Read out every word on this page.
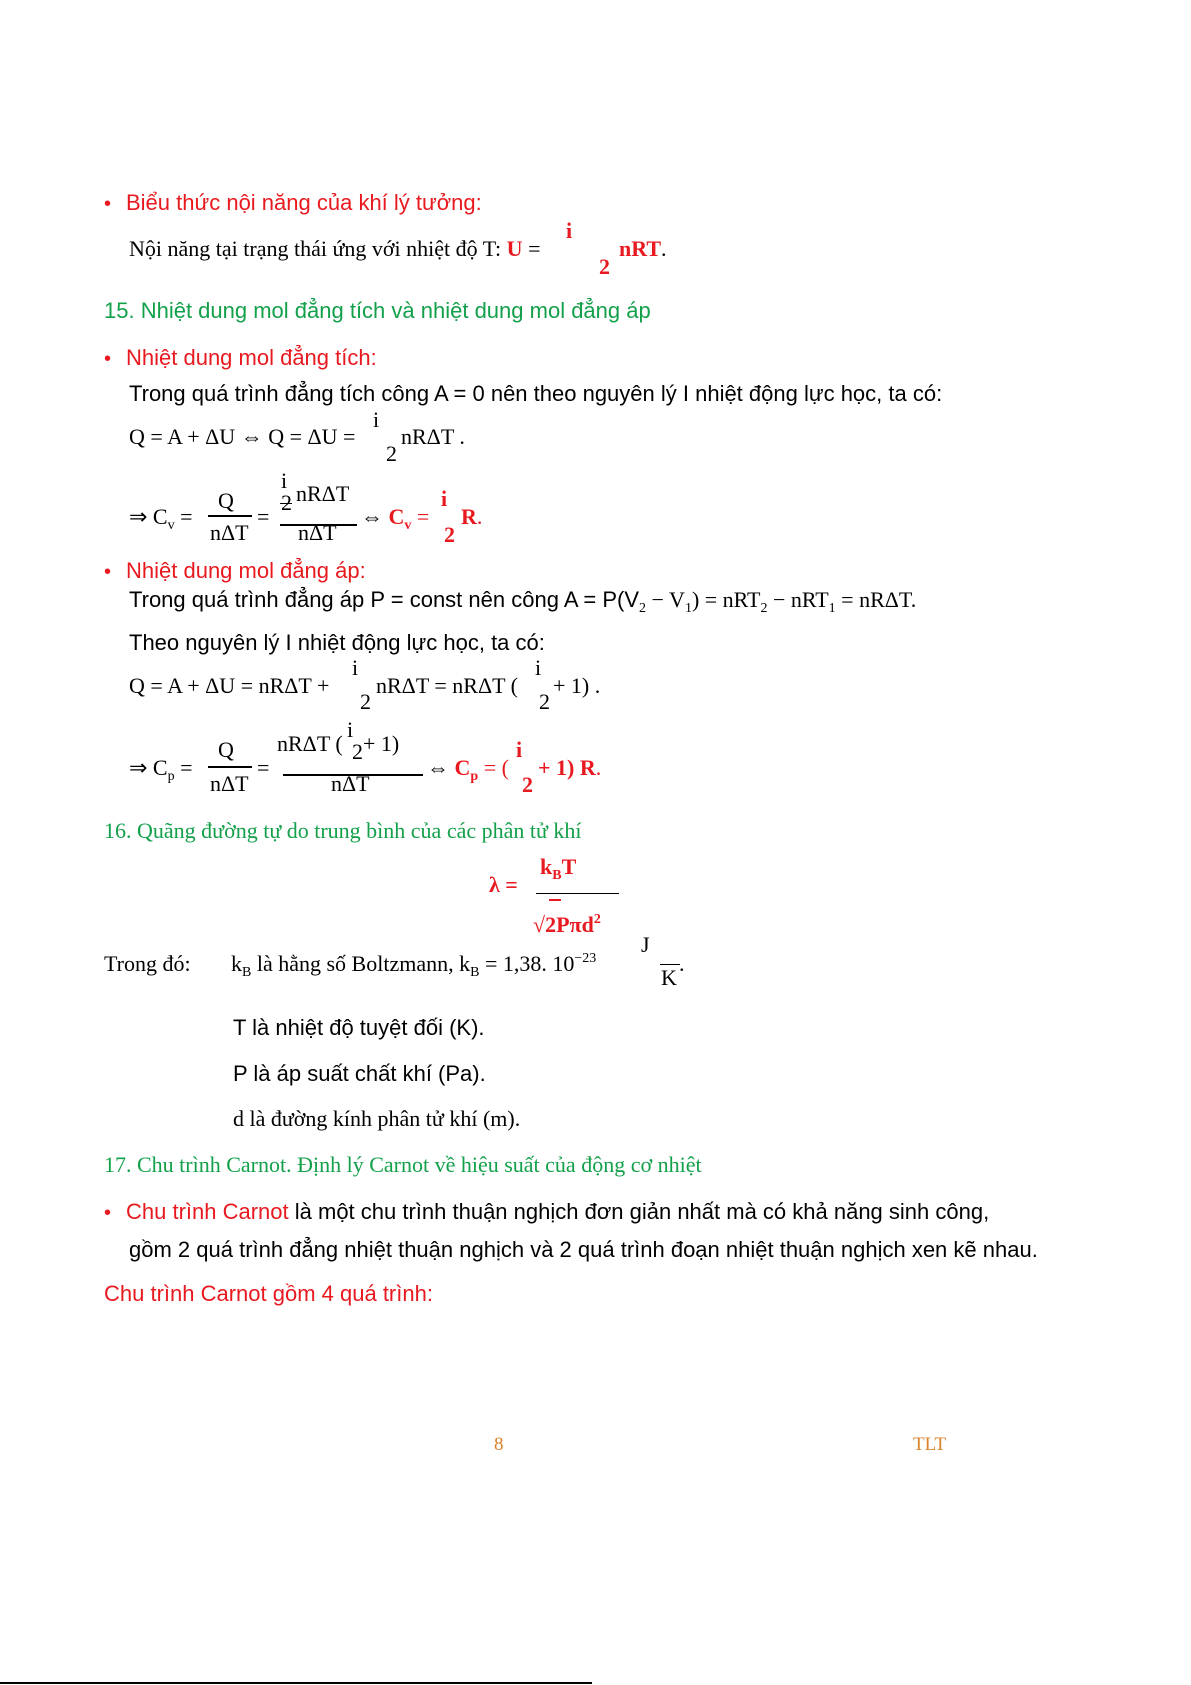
• Biểu thức nội năng của khí lý tưởng:
Nội năng tại trạng thái ứng với nhiệt độ T: U =
i
2
nRT.
15. Nhiệt dung mol đẳng tích và nhiệt dung mol đẳng áp
• Nhiệt dung mol đẳng tích:
Trong quá trình đẳng tích công A = 0 nên theo nguyên lý I nhiệt động lực học, ta có:
Q = A + ΔU ⇔ Q = ΔU =
i
2
nRΔT .
⇒ $C_v$ =
Q
nΔT
=
i
nRΔT
nΔT
⇔ $C_v$ =
i
2
R.
• Nhiệt dung mol đẳng áp:
Trong quá trình đẳng áp P = const nên công $A = P(V_2 - V_1) = nRT_2 - nRT_1 = nR\Delta T$.
Theo nguyên lý I nhiệt động lực học, ta có:
Q = A + ΔU = nRΔT +
i
2
nRΔT = nRΔT (
i
2
+ 1) .
⇒ $C_p$ =
Q
nΔT
=
nRΔT (
i
2 + 1)
nΔT
⇔ $C_p$ = (
i
2
+ 1) R.
16. Quãng đường tự do trung bình của các phân tử khí
λ =
$k_BT$
√2Pπd$^2$
Trong đó: $k_B$ là hằng số Boltzmann, $k_B = 1,38$. $10^{-23}$
J
K
.
T là nhiệt độ tuyệt đối (K).
P là áp suất chất khí (Pa).
d là đường kính phân tử khí (m).
17. Chu trình Carnot. Định lý Carnot về hiệu suất của động cơ nhiệt
• Chu trình Carnot là một chu trình thuận nghịch đơn giản nhất mà có khả năng sinh công,
gồm 2 quá trình đẳng nhiệt thuận nghịch và 2 quá trình đoạn nhiệt thuận nghịch xen kẽ nhau.
Chu trình Carnot gồm 4 quá trình:
8	TLT
